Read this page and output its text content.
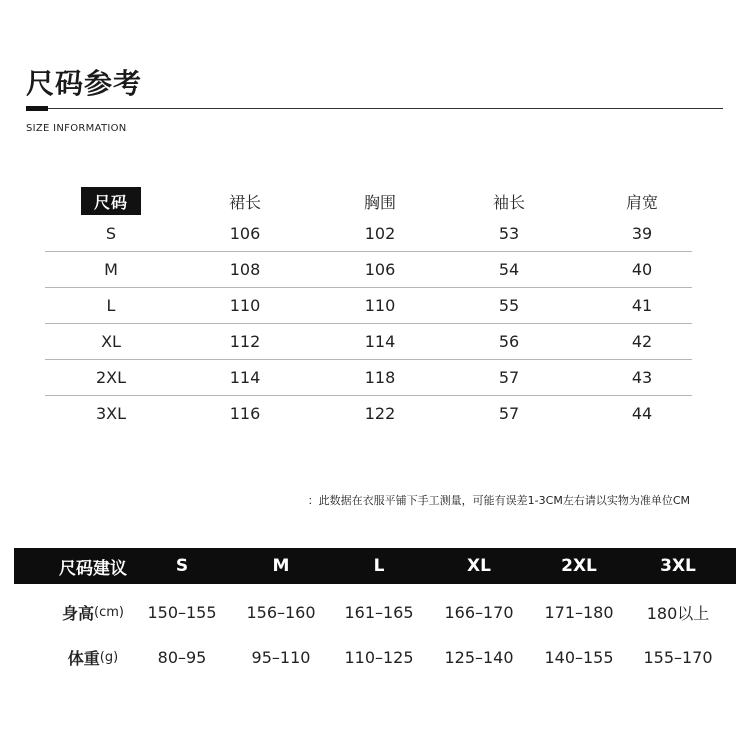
尺码参考
SIZE INFORMATION
尺码	裙长	胸围	袖长	肩宽
S	106	102	53	39
M	108	106	54	40
L	110	110	55	41
XL	112	114	56	42
2XL	114	118	57	43
3XL	116	122	57	44
：此数据在衣服平铺下手工测量，可能有误差1-3CM左右请以实物为准单位CM
尺码建议	S	M	L	XL	2XL	3XL
身高 (cm) 150–155 156–160 161–165 166–170 171–180 180以上
体重 (g) 80–95	95–110 110–125 125–140 140–155 155–170
